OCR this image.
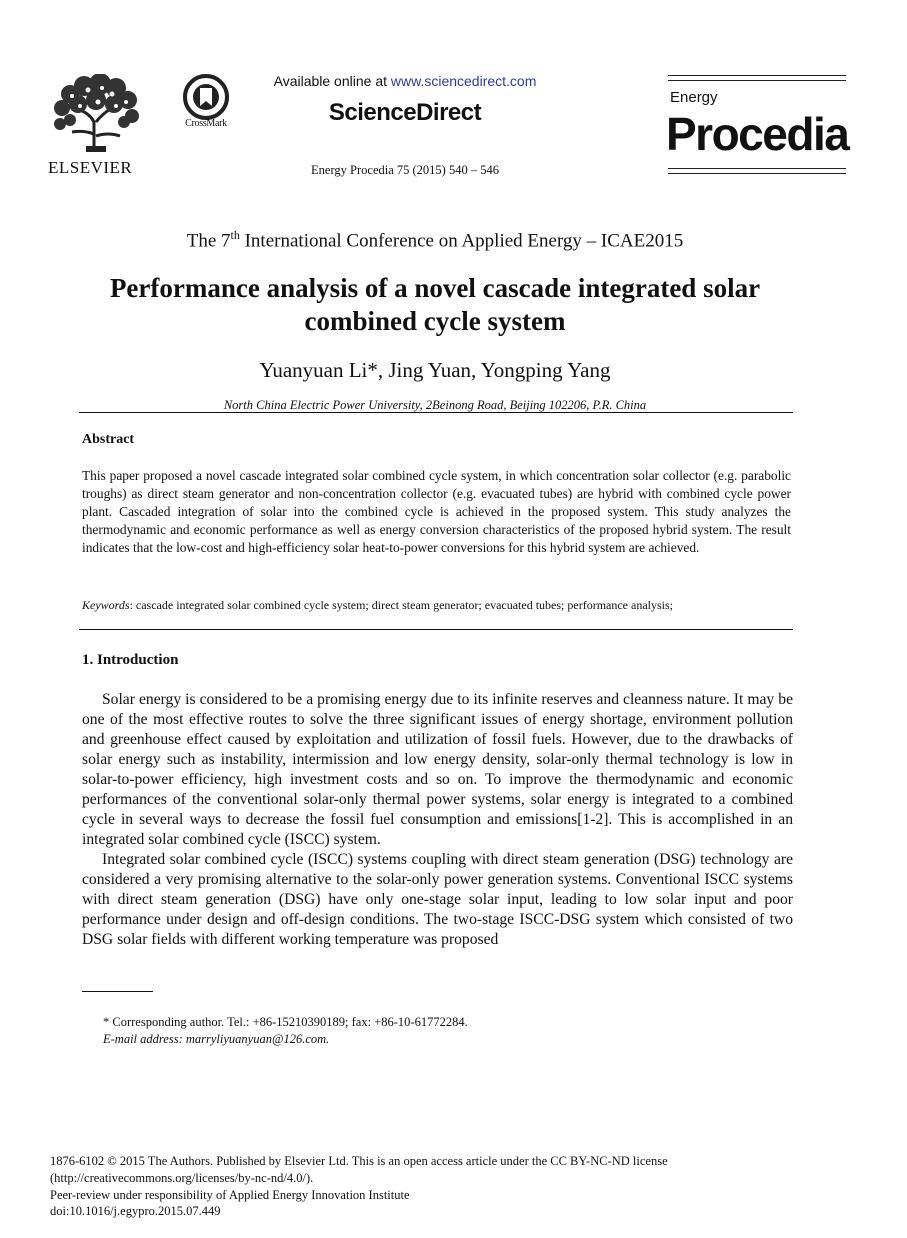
ELSEVIER
CrossMark
Available online at www.sciencedirect.com
ScienceDirect
Energy Procedia 75 (2015) 540 – 546
Energy
Procedia
The 7th International Conference on Applied Energy – ICAE2015
Performance analysis of a novel cascade integrated solar
combined cycle system
Yuanyuan Li*, Jing Yuan, Yongping Yang
North China Electric Power University, 2Beinong Road, Beijing 102206, P.R. China
Abstract
This paper proposed a novel cascade integrated solar combined cycle system, in which concentration solar collector (e.g. parabolic troughs) as direct steam generator and non-concentration collector (e.g. evacuated tubes) are hybrid with combined cycle power plant. Cascaded integration of solar into the combined cycle is achieved in the proposed system. This study analyzes the thermodynamic and economic performance as well as energy conversion characteristics of the proposed hybrid system. The result indicates that the low-cost and high-efficiency solar heat-to-power conversions for this hybrid system are achieved.
Keywords: cascade integrated solar combined cycle system; direct steam generator; evacuated tubes; performance analysis;
1. Introduction

Solar energy is considered to be a promising energy due to its infinite reserves and cleanness nature. It may be one of the most effective routes to solve the three significant issues of energy shortage, environment pollution and greenhouse effect caused by exploitation and utilization of fossil fuels. However, due to the drawbacks of solar energy such as instability, intermission and low energy density, solar-only thermal technology is low in solar-to-power efficiency, high investment costs and so on. To improve the thermodynamic and economic performances of the conventional solar-only thermal power systems, solar energy is integrated to a combined cycle in several ways to decrease the fossil fuel consumption and emissions[1-2]. This is accomplished in an integrated solar combined cycle (ISCC) system.

Integrated solar combined cycle (ISCC) systems coupling with direct steam generation (DSG) technology are considered a very promising alternative to the solar-only power generation systems. Conventional ISCC systems with direct steam generation (DSG) have only one-stage solar input, leading to low solar input and poor performance under design and off-design conditions. The two-stage ISCC-DSG system which consisted of two DSG solar fields with different working temperature was proposed

* Corresponding author. Tel.: +86-15210390189; fax: +86-10-61772284.
E-mail address: marryliyuanyuan@126.com.
1876-6102 © 2015 The Authors. Published by Elsevier Ltd. This is an open access article under the CC BY-NC-ND license
(http://creativecommons.org/licenses/by-nc-nd/4.0/).
Peer-review under responsibility of Applied Energy Innovation Institute
doi:10.1016/j.egypro.2015.07.449
